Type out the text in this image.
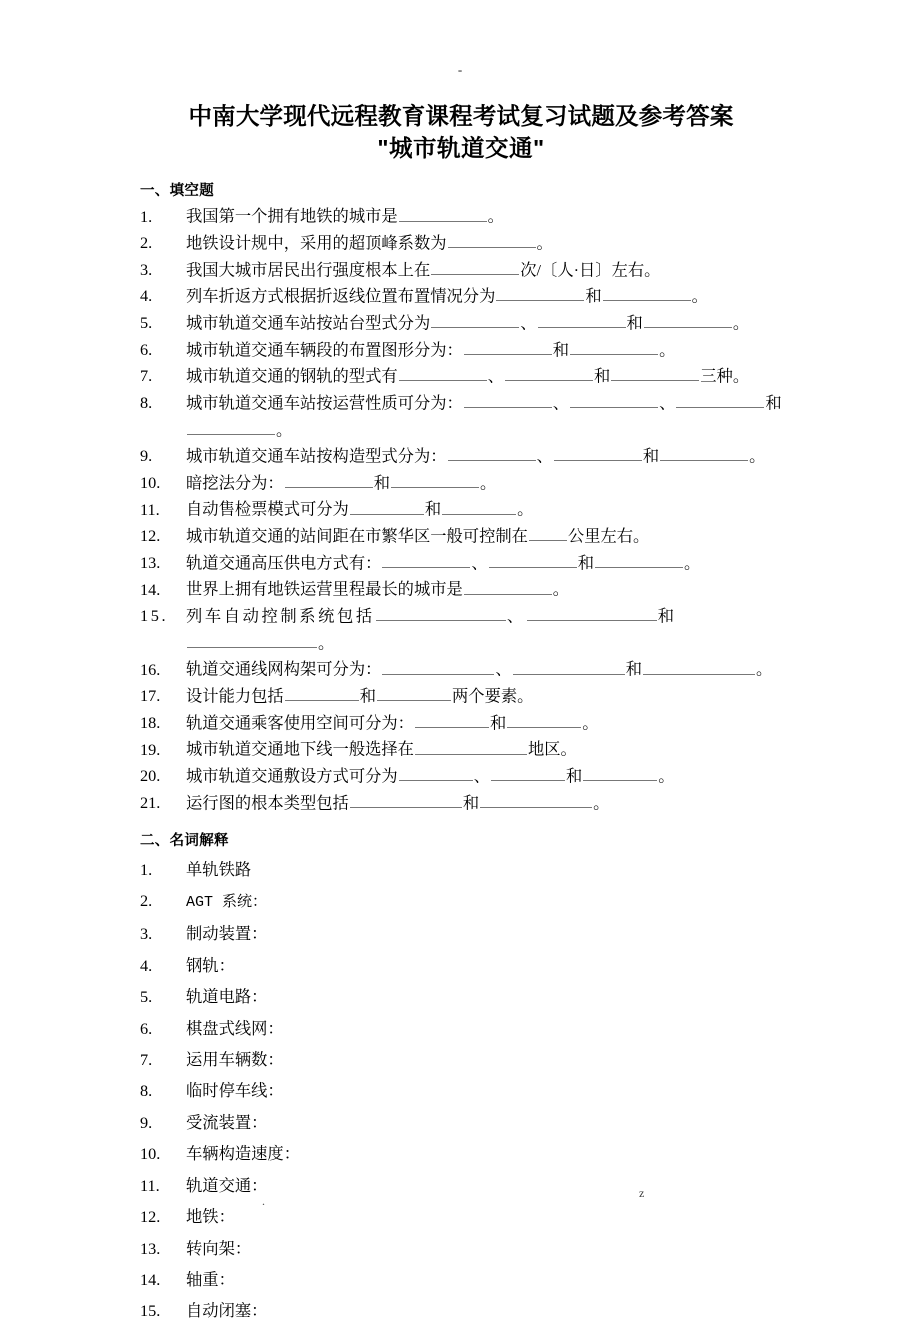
-
中南大学现代远程教育课程考试复习试题及参考答案
"城市轨道交通"
一、填空题
1. 我国第一个拥有地铁的城市是	。
2. 地铁设计规中，采用的超顶峰系数为	。
3. 我国大城市居民出行强度根本上在	次/〔人·日〕左右。
4. 列车折返方式根据折返线位置布置情况分为	和	。
5. 城市轨道交通车站按站台型式分为	、	和	。
6. 城市轨道交通车辆段的布置图形分为：	和	。
7. 城市轨道交通的钢轨的型式有	、	和	三种。
8. 城市轨道交通车站按运营性质可分为：	、	、	和。
9. 城市轨道交通车站按构造型式分为：	、	和	。
10. 暗挖法分为：	和	。
11. 自动售检票模式可分为	和	。
12. 城市轨道交通的站间距在市繁华区一般可控制在 公里左右。
13. 轨道交通高压供电方式有：	、	和	。
14. 世界上拥有地铁运营里程最长的城市是	。
15. 列车自动控制系统包括	、	和。
16. 轨道交通线网构架可分为：	、	和	。
17. 设计能力包括	和	两个要素。
18. 轨道交通乘客使用空间可分为：	和	。
19. 城市轨道交通地下线一般选择在	地区。
20. 城市轨道交通敷设方式可分为	、	和	。
21. 运行图的根本类型包括	和	。
二、名词解释
1. 单轨铁路
2. AGT 系统：
3. 制动装置：
4. 钢轨：
5. 轨道电路：
6. 棋盘式线网：
7. 运用车辆数：
8. 临时停车线：
9. 受流装置：
10. 车辆构造速度：
11. 轨道交通：
12. 地铁：
13. 转向架：
14. 轴重：
15. 自动闭塞：
.
z
